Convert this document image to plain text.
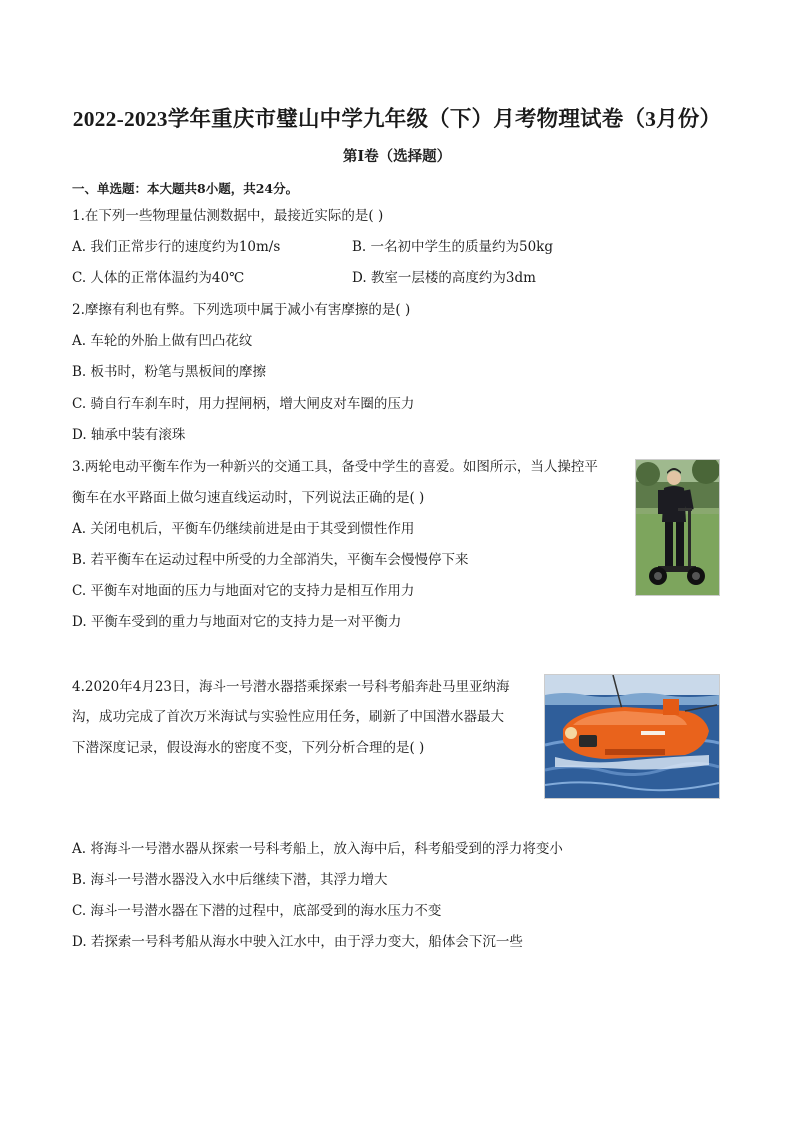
2022-2023学年重庆市璧山中学九年级（下）月考物理试卷（3月份）
第I卷（选择题）
一、单选题：本大题共8小题，共24分。
1.在下列一些物理量估测数据中，最接近实际的是( )
A. 我们正常步行的速度约为10m/s	B. 一名初中学生的质量约为50kg
C. 人体的正常体温约为40℃	D. 教室一层楼的高度约为3dm
2.摩擦有利也有弊。下列选项中属于减小有害摩擦的是( )
A. 车轮的外胎上做有凹凸花纹
B. 板书时，粉笔与黑板间的摩擦
C. 骑自行车刹车时，用力捏闸柄，增大闸皮对车圈的压力
D. 轴承中装有滚珠
3.两轮电动平衡车作为一种新兴的交通工具，备受中学生的喜爱。如图所示，当人操控平
衡车在水平路面上做匀速直线运动时，下列说法正确的是( )
A. 关闭电机后，平衡车仍继续前进是由于其受到惯性作用
B. 若平衡车在运动过程中所受的力全部消失，平衡车会慢慢停下来
C. 平衡车对地面的压力与地面对它的支持力是相互作用力
D. 平衡车受到的重力与地面对它的支持力是一对平衡力
4.2020年4月23日，海斗一号潜水器搭乘探索一号科考船奔赴马里亚纳海
沟，成功完成了首次万米海试与实验性应用任务，刷新了中国潜水器最大
下潜深度记录，假设海水的密度不变，下列分析合理的是( )
A. 将海斗一号潜水器从探索一号科考船上，放入海中后，科考船受到的浮力将变小
B. 海斗一号潜水器没入水中后继续下潜，其浮力增大
C. 海斗一号潜水器在下潜的过程中，底部受到的海水压力不变
D. 若探索一号科考船从海水中驶入江水中，由于浮力变大，船体会下沉一些
